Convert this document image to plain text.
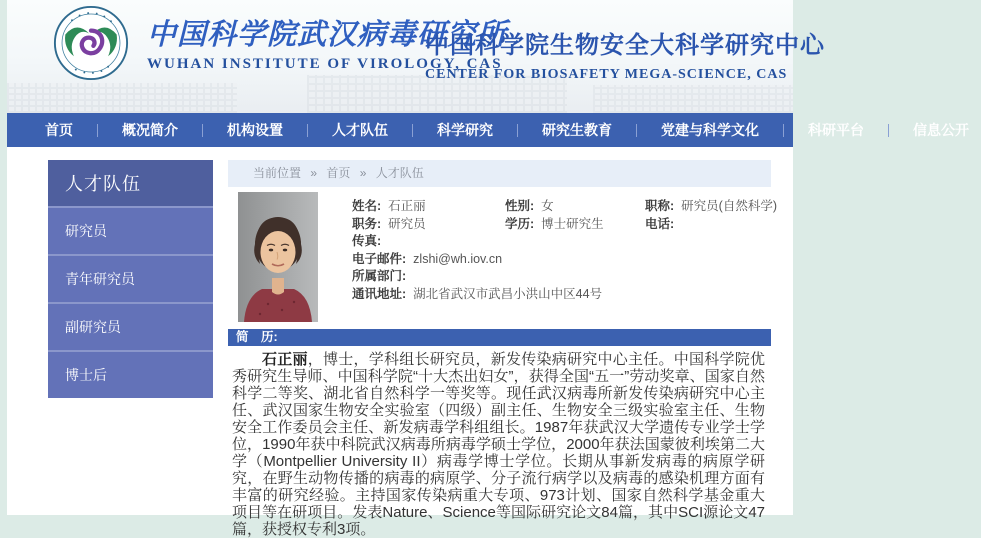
中国科学院武汉病毒研究所
WUHAN INSTITUTE OF VIROLOGY, CAS
中国科学院生物安全大科学研究中心
CENTER FOR BIOSAFETY MEGA-SCIENCE, CAS
首页	概况简介	机构设置	人才队伍	科学研究	研究生教育	党建与科学文化	科研平台	信息公开
人才队伍
研究员
青年研究员
副研究员
博士后
当前位置 » 首页 » 人才队伍
姓名: 石正丽	性别: 女	职称: 研究员(自然科学)
职务: 研究员	学历: 博士研究生	电话:
传真:
电子邮件: zlshi@wh.iov.cn
所属部门:
通讯地址: 湖北省武汉市武昌小洪山中区44号
简　历:

石正丽，博士，学科组长研究员，新发传染病研究中心主任。中国科学院优秀研究生导师、中国科学院“十大杰出妇女”，获得全国“五一”劳动奖章、国家自然科学二等奖、湖北省自然科学一等奖等。现任武汉病毒所新发传染病研究中心主任、武汉国家生物安全实验室（四级）副主任、生物安全三级实验室主任、生物安全工作委员会主任、新发病毒学科组组长。1987年获武汉大学遗传专业学士学位，1990年获中科院武汉病毒所病毒学硕士学位，2000年获法国蒙彼利埃第二大学（Montpellier University II）病毒学博士学位。长期从事新发病毒的病原学研究，在野生动物传播的病毒的病原学、分子流行病学以及病毒的感染机理方面有丰富的研究经验。主持国家传染病重大专项、973计划、国家自然科学基金重大项目等在研项目。发表Nature、Science等国际研究论文84篇，其中SCI源论文47篇，获授权专利3项。
